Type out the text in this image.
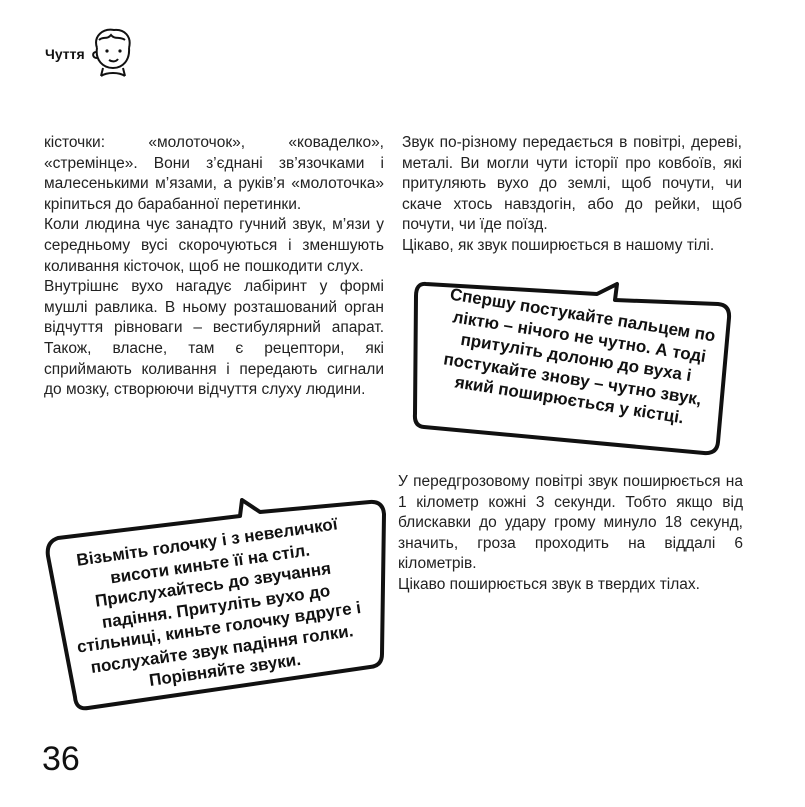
Чуття

кісточки: «молоточок», «коваделко», «стремінце». Вони з’єднані зв’язочками і малесенькими м’язами, а руків’я «молоточка» кріпиться до барабанної перетинки.

Коли людина чує занадто гучний звук, м’язи у середньому вусі скорочуються і зменшують коливання кісточок, щоб не пошкодити слух.

Внутрішнє вухо нагадує лабіринт у формі мушлі равлика. В ньому розташований орган відчуття рівноваги – вестибулярний апарат. Також, власне, там є рецептори, які сприймають коливання і передають сигнали до мозку, створюючи відчуття слуху людини.

Звук по-різному передається в повітрі, дереві, металі. Ви могли чути історії про ковбоїв, які притуляють вухо до землі, щоб почути, чи скаче хтось навздогін, або до рейки, щоб почути, чи їде поїзд.

Цікаво, як звук поширюється в нашому тілі.

Спершу постукайте пальцем по ліктю – нічого не чутно. А тоді притуліть долоню до вуха і постукайте знову – чутно звук, який поширюється у кістці.

У передгрозовому повітрі звук поширюється на 1 кілометр кожні 3 секунди. Тобто якщо від блискавки до удару грому минуло 18 секунд, значить, гроза проходить на віддалі 6 кілометрів.

Цікаво поширюється звук в твердих тілах.

Візьміть голочку і з невеличкої висоти киньте її на стіл. Прислухайтесь до звучання падіння. Притуліть вухо до стільниці, киньте голочку вдруге і послухайте звук падіння голки. Порівняйте звуки.
36
